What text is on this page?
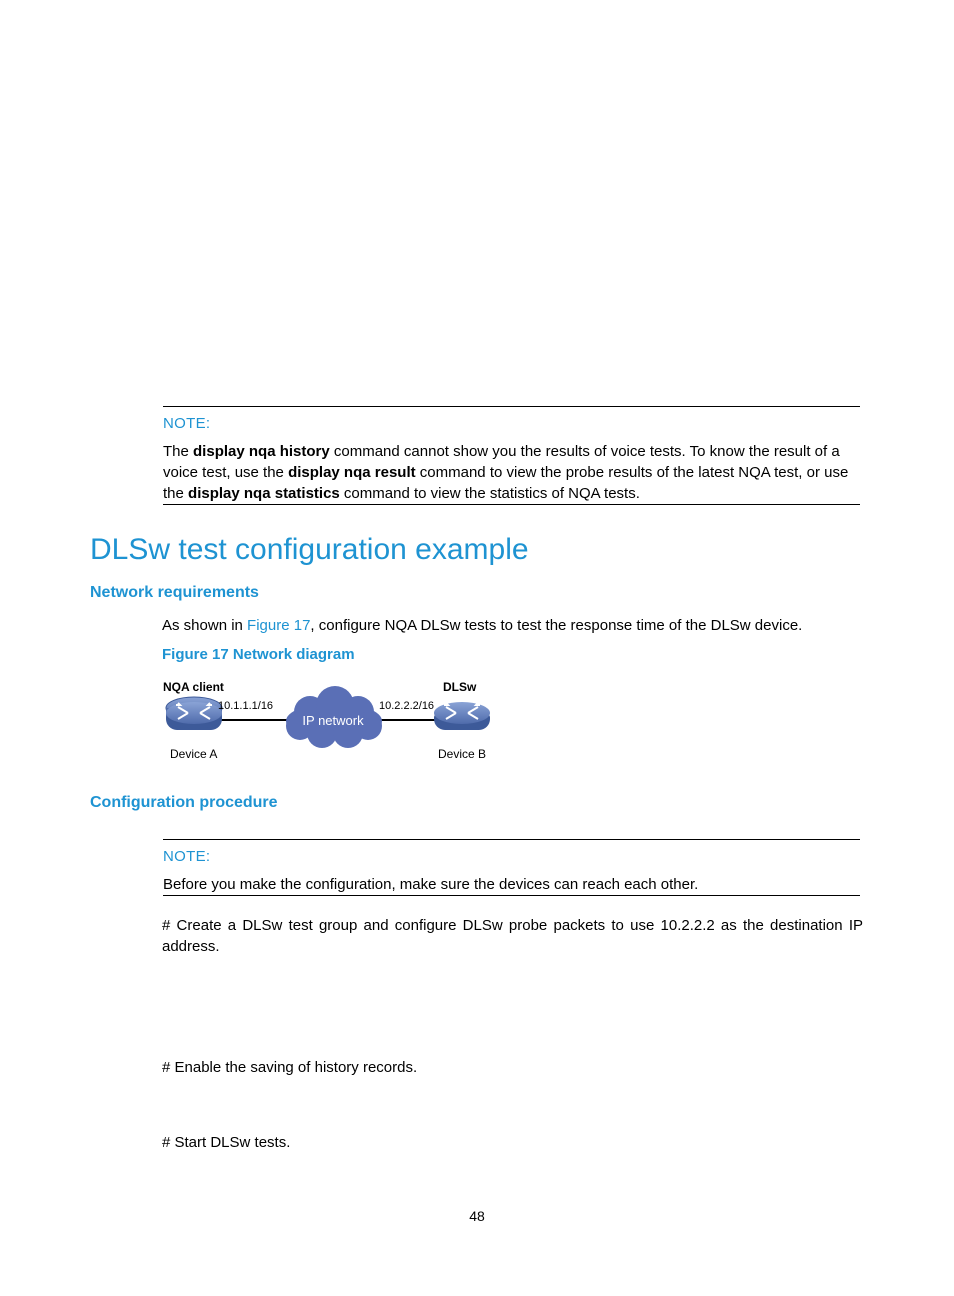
NOTE:
The display nqa history command cannot show you the results of voice tests. To know the result of a voice test, use the display nqa result command to view the probe results of the latest NQA test, or use the display nqa statistics command to view the statistics of NQA tests.
DLSw test configuration example
Network requirements
As shown in Figure 17, configure NQA DLSw tests to test the response time of the DLSw device.
Figure 17 Network diagram
IP network
NQA client	DLSw
10.1.1.1/16	10.2.2.2/16
Device A	Device B
Configuration procedure
NOTE:
Before you make the configuration, make sure the devices can reach each other.
# Create a DLSw test group and configure DLSw probe packets to use 10.2.2.2 as the destination IP address.
# Enable the saving of history records.
# Start DLSw tests.
48
